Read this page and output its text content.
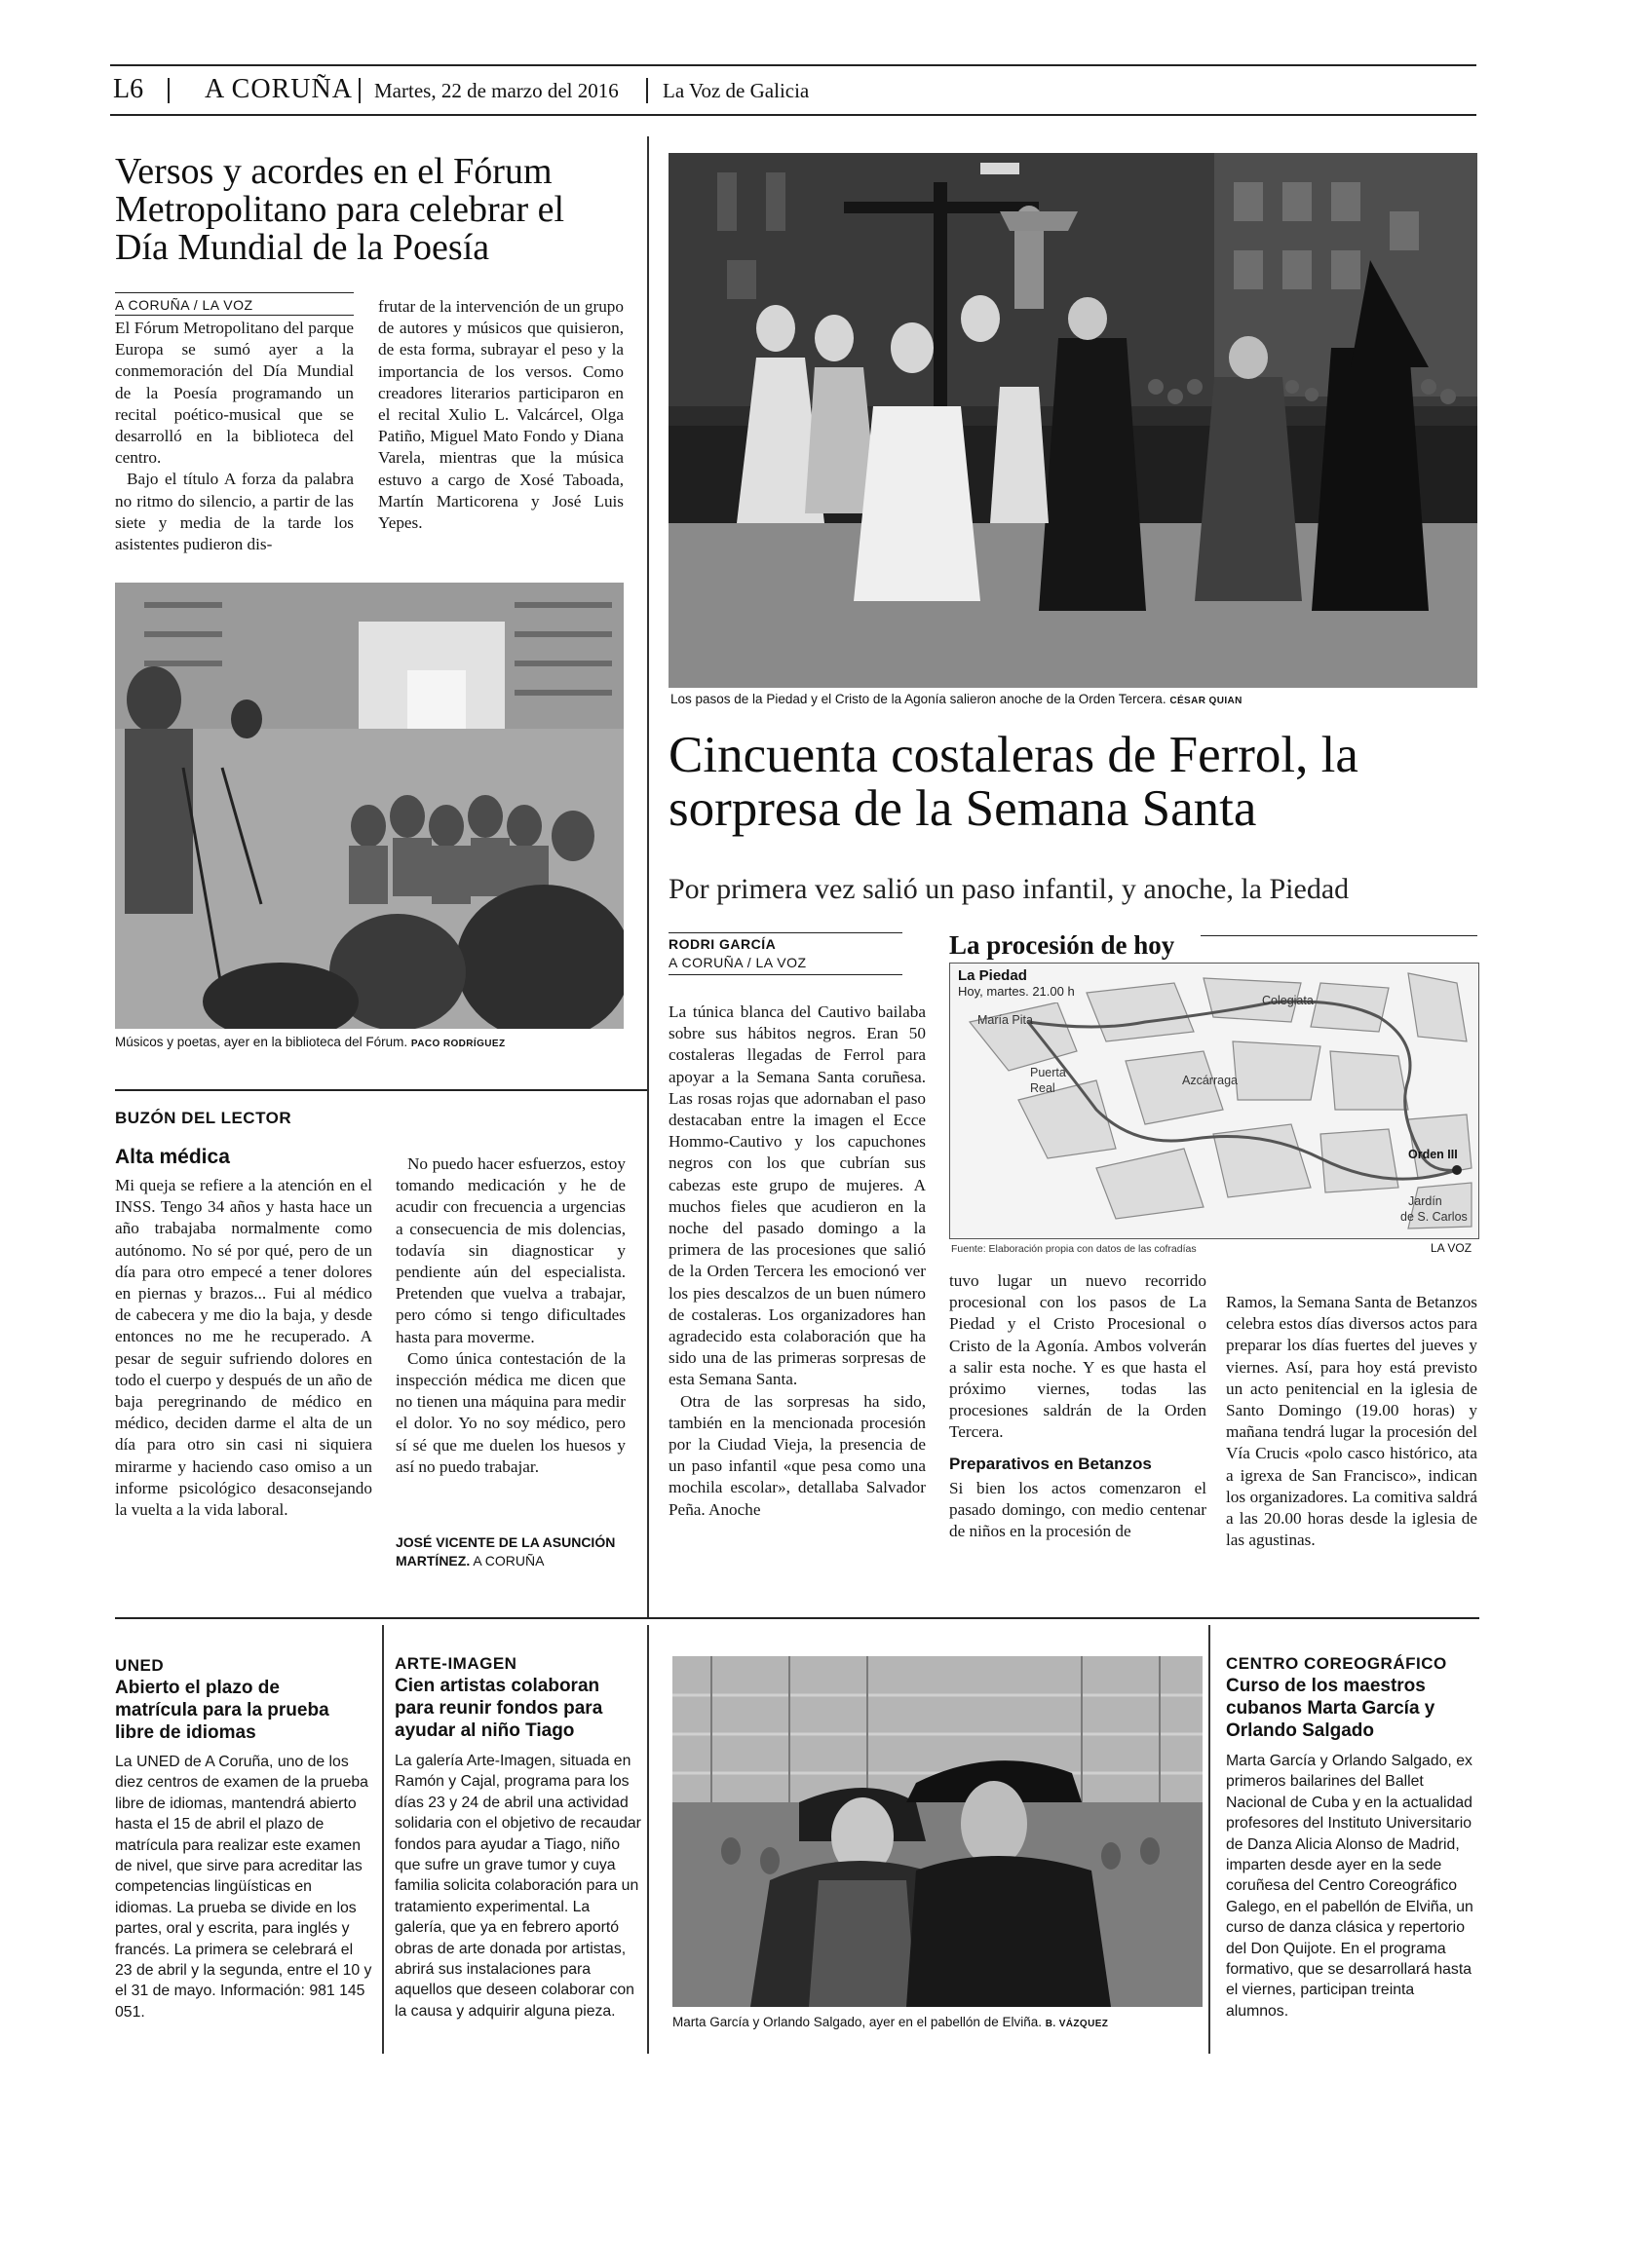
L6 A CORUÑA Martes, 22 de marzo del 2016 La Voz de Galicia
Versos y acordes en el Fórum Metropolitano para celebrar el Día Mundial de la Poesía
A CORUÑA / LA VOZ

El Fórum Metropolitano del parque Europa se sumó ayer a la conmemoración del Día Mundial de la Poesía programando un recital poético-musical que se desarrolló en la biblioteca del centro.

Bajo el título A forza da palabra no ritmo do silencio, a partir de las siete y media de la tarde los asistentes pudieron dis-

frutar de la intervención de un grupo de autores y músicos que quisieron, de esta forma, subrayar el peso y la importancia de los versos. Como creadores literarios participaron en el recital Xulio L. Valcárcel, Olga Patiño, Miguel Mato Fondo y Diana Varela, mientras que la música estuvo a cargo de Xosé Taboada, Martín Marticorena y José Luis Yepes.

Músicos y poetas, ayer en la biblioteca del Fórum. PACO RODRÍGUEZ
BUZÓN DEL LECTOR
Alta médica

Mi queja se refiere a la atención en el INSS. Tengo 34 años y hasta hace un año trabajaba normalmente como autónomo. No sé por qué, pero de un día para otro empecé a tener dolores en piernas y brazos... Fui al médico de cabecera y me dio la baja, y desde entonces no me he recuperado. A pesar de seguir sufriendo dolores en todo el cuerpo y después de un año de baja peregrinando de médico en médico, deciden darme el alta de un día para otro sin casi ni siquiera mirarme y haciendo caso omiso a un informe psicológico desaconsejando la vuelta a la vida laboral.

No puedo hacer esfuerzos, estoy tomando medicación y he de acudir con frecuencia a urgencias a consecuencia de mis dolencias, todavía sin diagnosticar y pendiente aún del especialista. Pretenden que vuelva a trabajar, pero cómo si tengo dificultades hasta para moverme.

Como única contestación de la inspección médica me dicen que no tienen una máquina para medir el dolor. Yo no soy médico, pero sí sé que me duelen los huesos y así no puedo trabajar.

JOSÉ VICENTE DE LA ASUNCIÓN MARTÍNEZ. A CORUÑA
Los pasos de la Piedad y el Cristo de la Agonía salieron anoche de la Orden Tercera. CÉSAR QUIAN
Cincuenta costaleras de Ferrol, la sorpresa de la Semana Santa
Por primera vez salió un paso infantil, y anoche, la Piedad
RODRI GARCÍA
A CORUÑA / LA VOZ

La túnica blanca del Cautivo bailaba sobre sus hábitos negros. Eran 50 costaleras llegadas de Ferrol para apoyar a la Semana Santa coruñesa. Las rosas rojas que adornaban el paso destacaban entre la imagen el Ecce Hommo-Cautivo y los capuchones negros con los que cubrían sus cabezas este grupo de mujeres. A muchos fieles que acudieron en la noche del pasado domingo a la primera de las procesiones que salió de la Orden Tercera les emocionó ver los pies descalzos de un buen número de costaleras. Los organizadores han agradecido esta colaboración que ha sido una de las primeras sorpresas de esta Semana Santa.

Otra de las sorpresas ha sido, también en la mencionada procesión por la Ciudad Vieja, la presencia de un paso infantil «que pesa como una mochila escolar», detallaba Salvador Peña. Anoche

La procesión de hoy
María Pita
Colegiata
Puerta
Real
Azcárraga
Orden III
Jardín
de S. Carlos
La Piedad
Hoy, martes. 21.00 h
Fuente: Elaboración propia con datos de las cofradías	LA VOZ

tuvo lugar un nuevo recorrido procesional con los pasos de La Piedad y el Cristo Procesional o Cristo de la Agonía. Ambos volverán a salir esta noche. Y es que hasta el próximo viernes, todas las procesiones saldrán de la Orden Tercera.

Preparativos en Betanzos

Si bien los actos comenzaron el pasado domingo, con medio centenar de niños en la procesión de

Ramos, la Semana Santa de Betanzos celebra estos días diversos actos para preparar los días fuertes del jueves y viernes. Así, para hoy está previsto un acto penitencial en la iglesia de Santo Domingo (19.00 horas) y mañana tendrá lugar la procesión del Vía Crucis «polo casco histórico, ata a igrexa de San Francisco», indican los organizadores. La comitiva saldrá a las 20.00 horas desde la iglesia de las agustinas.

UNED
Abierto el plazo de matrícula para la prueba libre de idiomas

La UNED de A Coruña, uno de los diez centros de examen de la prueba libre de idiomas, mantendrá abierto hasta el 15 de abril el plazo de matrícula para realizar este examen de nivel, que sirve para acreditar las competencias lingüísticas en idiomas. La prueba se divide en los partes, oral y escrita, para inglés y francés. La primera se celebrará el 23 de abril y la segunda, entre el 10 y el 31 de mayo. Información: 981 145 051.

ARTE-IMAGEN
Cien artistas colaboran para reunir fondos para ayudar al niño Tiago

La galería Arte-Imagen, situada en Ramón y Cajal, programa para los días 23 y 24 de abril una actividad solidaria con el objetivo de recaudar fondos para ayudar a Tiago, niño que sufre un grave tumor y cuya familia solicita colaboración para un tratamiento experimental. La galería, que ya en febrero aportó obras de arte donada por artistas, abrirá sus instalaciones para aquellos que deseen colaborar con la causa y adquirir alguna pieza.

Marta García y Orlando Salgado, ayer en el pabellón de Elviña. B. VÁZQUEZ
CENTRO COREOGRÁFICO
Curso de los maestros cubanos Marta García y Orlando Salgado

Marta García y Orlando Salgado, ex primeros bailarines del Ballet Nacional de Cuba y en la actualidad profesores del Instituto Universitario de Danza Alicia Alonso de Madrid, imparten desde ayer en la sede coruñesa del Centro Coreográfico Galego, en el pabellón de Elviña, un curso de danza clásica y repertorio del Don Quijote. En el programa formativo, que se desarrollará hasta el viernes, participan treinta alumnos.
